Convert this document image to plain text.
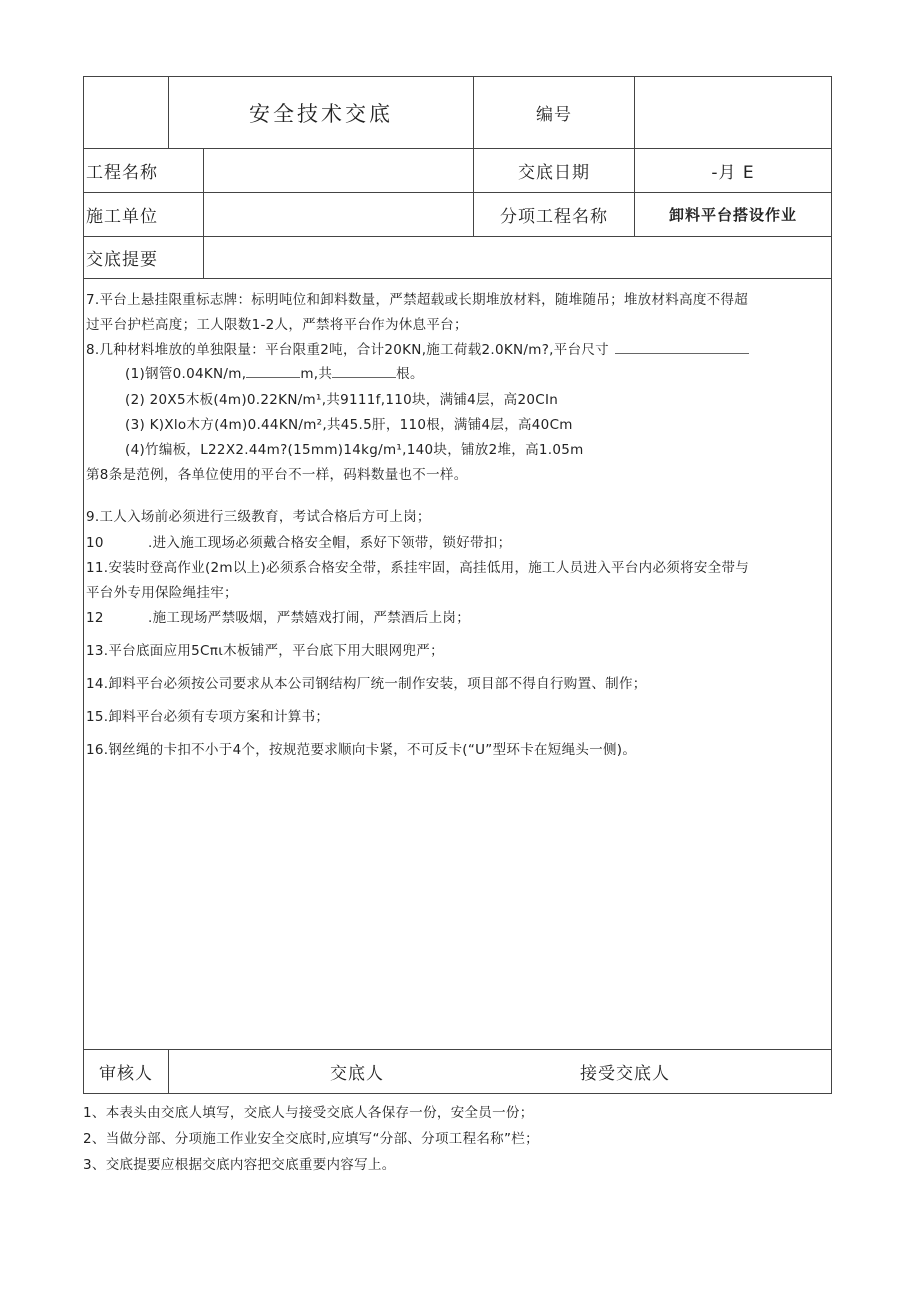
安全技术交底	编号
工程名称	交底日期	-月 E
施工单位	分项工程名称	卸料平台搭设作业
交底提要
7.平台上悬挂限重标志牌：标明吨位和卸料数量，严禁超载或长期堆放材料，随堆随吊；堆放材料高度不得超
过平台护栏高度；工人限数1-2人，严禁将平台作为休息平台；
8.几种材料堆放的单独限量：平台限重2吨，合计20KN,施工荷载2.0KN/m?,平台尺寸
(1)钢管0.04KN/m,	m,共	根。
(2) 20X5木板(4m)0.22KN/m¹,共9111f,110块，满铺4层，高20CIn
(3) K)Xlo木方(4m)0.44KN/m²,共45.5肝，110根，满铺4层，高40Cm
(4)竹编板，L22X2.44m?(15mm)14kg/m¹,140块，铺放2堆，高1.05m
第8条是范例，各单位使用的平台不一样，码料数量也不一样。
9.工人入场前必须进行三级教育，考试合格后方可上岗；
10	.进入施工现场必须戴合格安全帽，系好下领带，锁好带扣；
11.安装时登高作业(2m以上)必须系合格安全带，系挂牢固，高挂低用，施工人员进入平台内必须将安全带与
平台外专用保险绳挂牢；
12	.施工现场严禁吸烟，严禁嬉戏打闹，严禁酒后上岗；
13.平台底面应用5Cπι木板铺严，平台底下用大眼网兜严；
14.卸料平台必须按公司要求从本公司钢结构厂统一制作安装，项目部不得自行购置、制作；
15.卸料平台必须有专项方案和计算书；
16.钢丝绳的卡扣不小于4个，按规范要求顺向卡紧，不可反卡(“U”型环卡在短绳头一侧)。
审核人	交底人	接受交底人
1、本表头由交底人填写，交底人与接受交底人各保存一份，安全员一份；
2、当做分部、分项施工作业安全交底时,应填写“分部、分项工程名称”栏；
3、交底提要应根据交底内容把交底重要内容写上。
